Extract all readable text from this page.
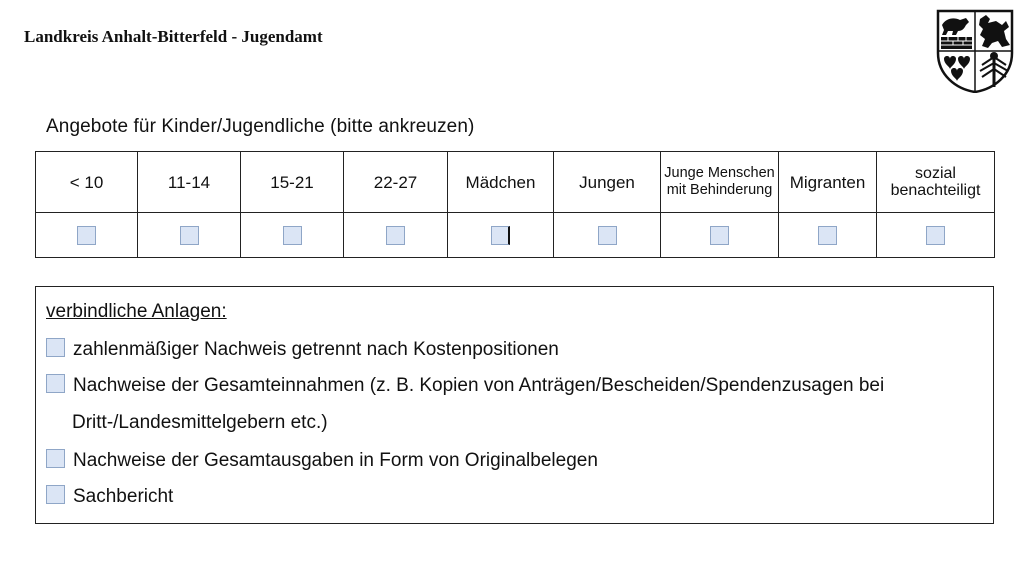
Landkreis Anhalt-Bitterfeld - Jugendamt
Angebote für Kinder/Jugendliche (bitte ankreuzen)
< 10	11-14	15-21	22-27	Mädchen	Jungen	Junge Menschen mit Behinderung	Migranten	sozial benachteiligt

verbindliche Anlagen:
zahlenmäßiger Nachweis getrennt nach Kostenpositionen
Nachweise der Gesamteinnahmen (z. B. Kopien von Anträgen/Bescheiden/Spendenzusagen bei
Dritt-/Landesmittelgebern etc.)
Nachweise der Gesamtausgaben in Form von Originalbelegen
Sachbericht
